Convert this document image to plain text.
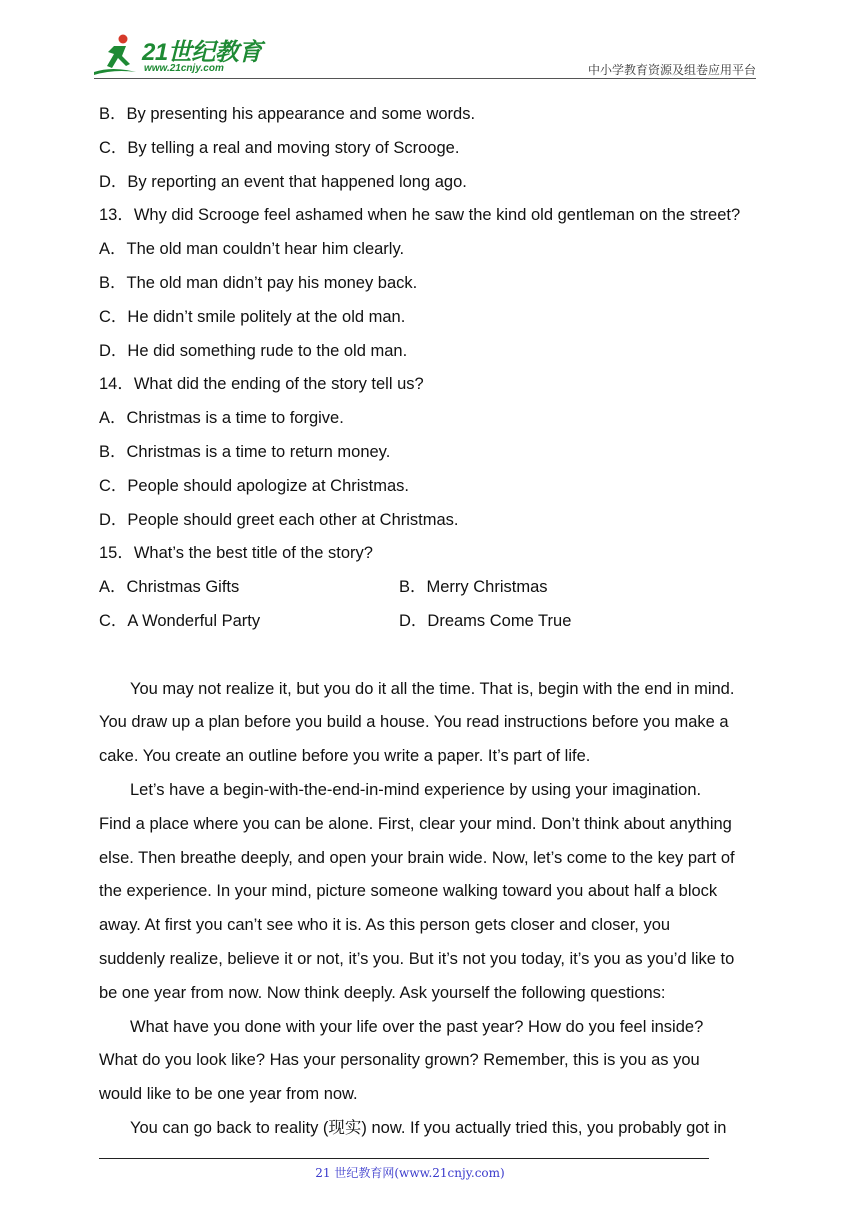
21世纪教育
www.21cnjy.com	中小学教育资源及组卷应用平台
B．By presenting his appearance and some words.
C．By telling a real and moving story of Scrooge.
D．By reporting an event that happened long ago.
13．Why did Scrooge feel ashamed when he saw the kind old gentleman on the street?
A．The old man couldn’t hear him clearly.
B．The old man didn’t pay his money back.
C．He didn’t smile politely at the old man.
D．He did something rude to the old man.
14．What did the ending of the story tell us?
A．Christmas is a time to forgive.
B．Christmas is a time to return money.
C．People should apologize at Christmas.
D．People should greet each other at Christmas.
15．What’s the best title of the story?
A．Christmas Gifts	B．Merry Christmas
C．A Wonderful Party	D．Dreams Come True
You may not realize it, but you do it all the time. That is, begin with the end in mind.
You draw up a plan before you build a house. You read instructions before you make a
cake. You create an outline before you write a paper. It’s part of life.
Let’s have a begin-with-the-end-in-mind experience by using your imagination.
Find a place where you can be alone. First, clear your mind. Don’t think about anything
else. Then breathe deeply, and open your brain wide. Now, let’s come to the key part of
the experience. In your mind, picture someone walking toward you about half a block
away. At first you can’t see who it is. As this person gets closer and closer, you
suddenly realize, believe it or not, it’s you. But it’s not you today, it’s you as you’d like to
be one year from now. Now think deeply. Ask yourself the following questions:
What have you done with your life over the past year? How do you feel inside?
What do you look like? Has your personality grown? Remember, this is you as you
would like to be one year from now.
You can go back to reality (现实) now. If you actually tried this, you probably got in
21 世纪教育网(www.21cnjy.com)
